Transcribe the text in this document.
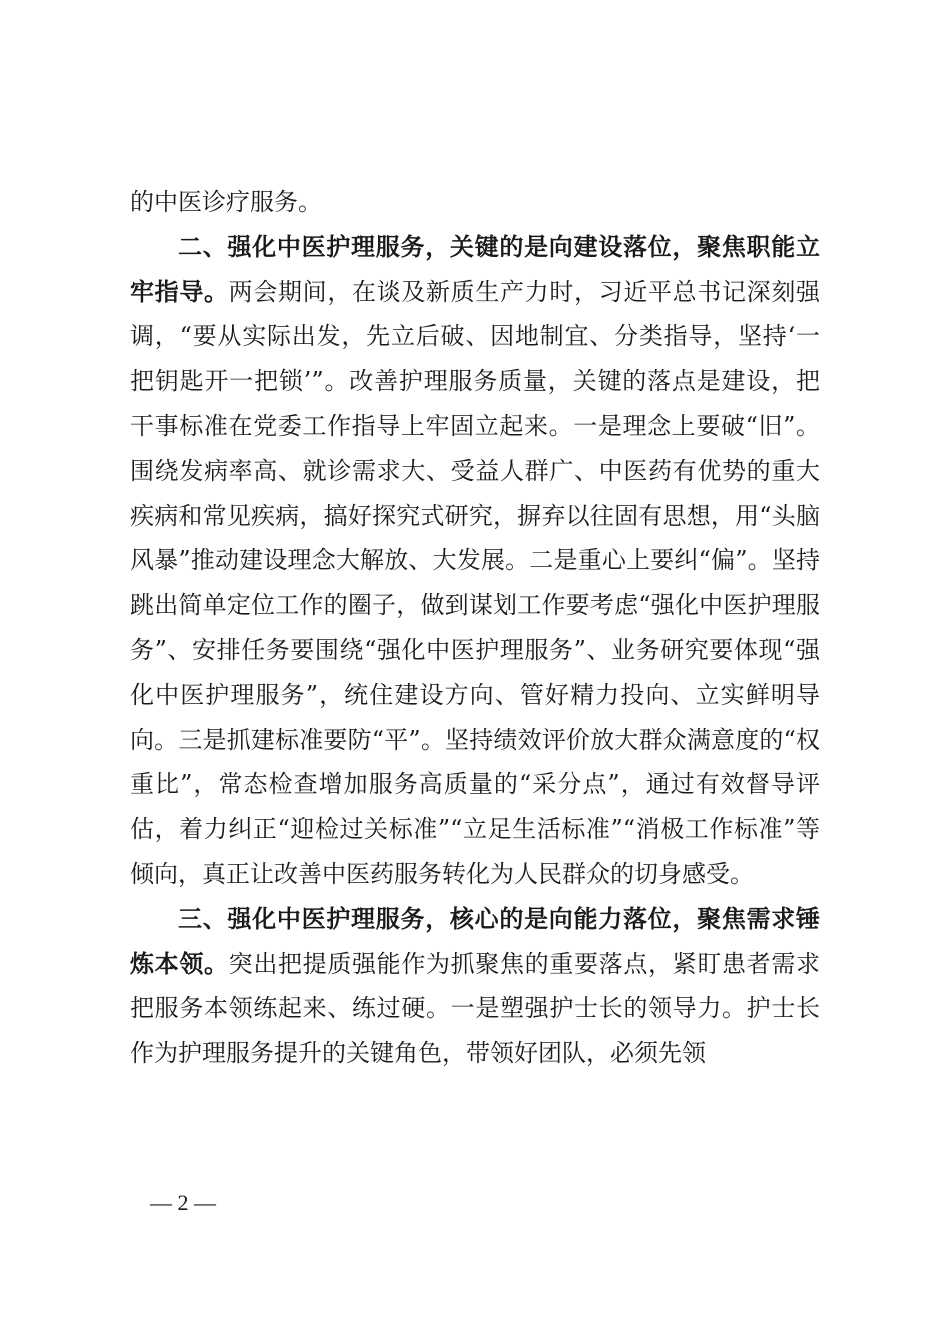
的中医诊疗服务。

二、强化中医护理服务，关键的是向建设落位，聚焦职能立牢指导。两会期间，在谈及新质生产力时，习近平总书记深刻强调，“要从实际出发，先立后破、因地制宜、分类指导，坚持‘一把钥匙开一把锁’”。改善护理服务质量，关键的落点是建设，把干事标准在党委工作指导上牢固立起来。一是理念上要破“旧”。围绕发病率高、就诊需求大、受益人群广、中医药有优势的重大疾病和常见疾病，搞好探究式研究，摒弃以往固有思想，用“头脑风暴”推动建设理念大解放、大发展。二是重心上要纠“偏”。坚持跳出简单定位工作的圈子，做到谋划工作要考虑“强化中医护理服务”、安排任务要围绕“强化中医护理服务”、业务研究要体现“强化中医护理服务”，统住建设方向、管好精力投向、立实鲜明导向。三是抓建标准要防“平”。坚持绩效评价放大群众满意度的“权重比”，常态检查增加服务高质量的“采分点”，通过有效督导评估，着力纠正“迎检过关标准”“立足生活标准”“消极工作标准”等倾向，真正让改善中医药服务转化为人民群众的切身感受。

三、强化中医护理服务，核心的是向能力落位，聚焦需求锤炼本领。突出把提质强能作为抓聚焦的重要落点，紧盯患者需求把服务本领练起来、练过硬。一是塑强护士长的领导力。护士长作为护理服务提升的关键角色，带领好团队，必须先领

— 2 —
